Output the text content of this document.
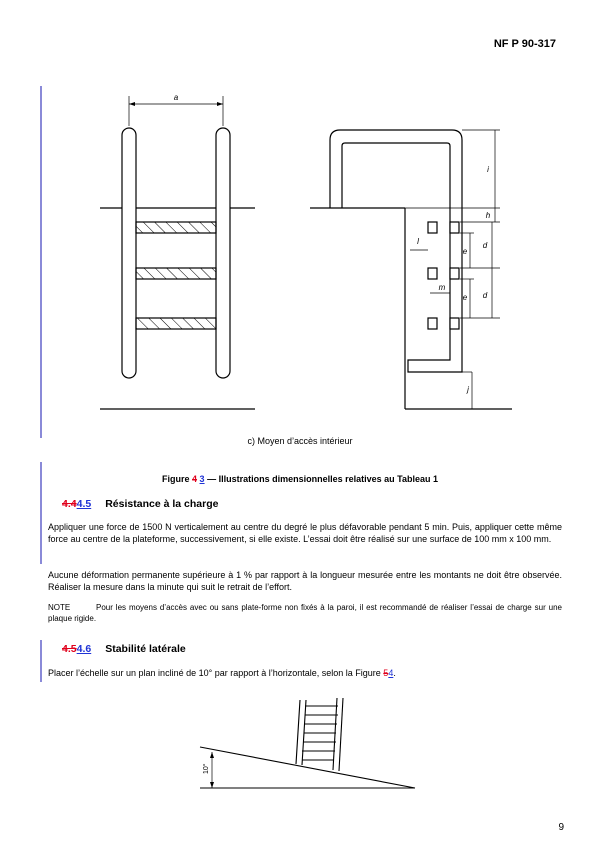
NF P 90-317
a
i
h
d
d
e
e
l
m
j
c) Moyen d’accès intérieur
Figure 4 3 — Illustrations dimensionnelles relatives au Tableau 1
4.44.5 Résistance à la charge
Appliquer une force de 1500 N verticalement au centre du degré le plus défavorable pendant 5 min. Puis, appliquer cette même force au centre de la plateforme, successivement, si elle existe. L’essai doit être réalisé sur une surface de 100 mm x 100 mm.
Aucune déformation permanente supérieure à 1 % par rapport à la longueur mesurée entre les montants ne doit être observée. Réaliser la mesure dans la minute qui suit le retrait de l’effort.
NOTE	Pour les moyens d’accès avec ou sans plate-forme non fixés à la paroi, il est recommandé de réaliser l’essai de charge sur une plaque rigide.
4.54.6 Stabilité latérale
Placer l’échelle sur un plan incliné de 10° par rapport à l’horizontale, selon la Figure 54.
10°
9
